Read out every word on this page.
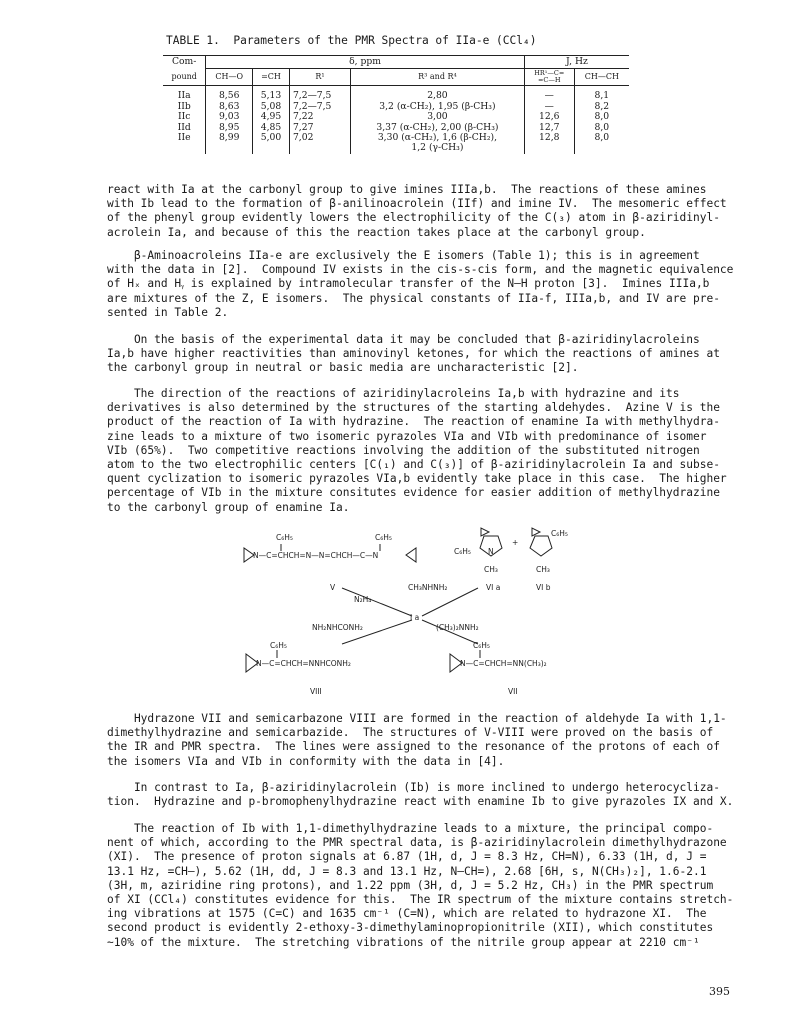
TABLE 1.  Parameters of the PMR Spectra of IIa-e (CCl₄)
Com-	δ, ppm				J, Hz	
pound	CH—O	=CH	R¹	R³ and R⁴	HR¹—C=
=C—H	CH—CH
IIa	8,56	5,13	7,2—7,5	2,80	—	8,1
IIb	8,63	5,08	7,2—7,5	3,2 (α-CH₂), 1,95 (β-CH₃)	—	8,2
IIc	9,03	4,95	7,22	3,00	12,6	8,0
IId	8,95	4,85	7,27	3,37 (α-CH₂), 2,00 (β-CH₃)	12,7	8,0
IIe	8,99	5,00	7,02	3,30 (α-CH₂), 1,6 (β-CH₂),
1,2 (γ-CH₃)	12,8	8,0
react with Ia at the carbonyl group to give imines IIIa,b.  The reactions of these amines
with Ib lead to the formation of β-anilinoacrolein (IIf) and imine IV.  The mesomeric effect
of the phenyl group evidently lowers the electrophilicity of the C(₃) atom in β-aziridinyl-
acrolein Ia, and because of this the reaction takes place at the carbonyl group.
β-Aminoacroleins IIa-e are exclusively the E isomers (Table 1); this is in agreement
with the data in [2].  Compound IV exists in the cis-s-cis form, and the magnetic equivalence
of Hₓ and Hᵧ is explained by intramolecular transfer of the N—H proton [3].  Imines IIIa,b
are mixtures of the Z, E isomers.  The physical constants of IIa-f, IIIa,b, and IV are pre-
sented in Table 2.
On the basis of the experimental data it may be concluded that β-aziridinylacroleins
Ia,b have higher reactivities than aminovinyl ketones, for which the reactions of amines at
the carbonyl group in neutral or basic media are uncharacteristic [2].
The direction of the reactions of aziridinylacroleins Ia,b with hydrazine and its
derivatives is also determined by the structures of the starting aldehydes.  Azine V is the
product of the reaction of Ia with hydrazine.  The reaction of enamine Ia with methylhydra-
zine leads to a mixture of two isomeric pyrazoles VIa and VIb with predominance of isomer
VIb (65%).  Two competitive reactions involving the addition of the substituted nitrogen
atom to the two electrophilic centers [C(₁) and C(₃)] of β-aziridinylacrolein Ia and subse-
quent cyclization to isomeric pyrazoles VIa,b evidently take place in this case.  The higher
percentage of VIb in the mixture consitutes evidence for easier addition of methylhydrazine
to the carbonyl group of enamine Ia.
C₆H₅	C₆H₅
N—C=CHCH=N—N=CHCH—C—N
V
C₆H₅ N
CH₃
VI a
+
C₆H₅
CH₃
VI b
N₂H₄
CH₃NHNH₂
I a
NH₂NHCONH₂	(CH₃)₂NNH₂
C₆H₅
N—C=CHCH=NNHCONH₂
VIII
C₆H₅
N—C=CHCH=NN(CH₃)₂
VII
Hydrazone VII and semicarbazone VIII are formed in the reaction of aldehyde Ia with 1,1-
dimethylhydrazine and semicarbazide.  The structures of V-VIII were proved on the basis of
the IR and PMR spectra.  The lines were assigned to the resonance of the protons of each of
the isomers VIa and VIb in conformity with the data in [4].
In contrast to Ia, β-aziridinylacrolein (Ib) is more inclined to undergo heterocycliza-
tion.  Hydrazine and p-bromophenylhydrazine react with enamine Ib to give pyrazoles IX and X.
The reaction of Ib with 1,1-dimethylhydrazine leads to a mixture, the principal compo-
nent of which, according to the PMR spectral data, is β-aziridinylacrolein dimethylhydrazone
(XI).  The presence of proton signals at 6.87 (1H, d, J = 8.3 Hz, CH=N), 6.33 (1H, d, J =
13.1 Hz, =CH—), 5.62 (1H, dd, J = 8.3 and 13.1 Hz, N—CH=), 2.68 [6H, s, N(CH₃)₂], 1.6-2.1
(3H, m, aziridine ring protons), and 1.22 ppm (3H, d, J = 5.2 Hz, CH₃) in the PMR spectrum
of XI (CCl₄) constitutes evidence for this.  The IR spectrum of the mixture contains stretch-
ing vibrations at 1575 (C=C) and 1635 cm⁻¹ (C=N), which are related to hydrazone XI.  The
second product is evidently 2-ethoxy-3-dimethylaminopropionitrile (XII), which constitutes
~10% of the mixture.  The stretching vibrations of the nitrile group appear at 2210 cm⁻¹
395
